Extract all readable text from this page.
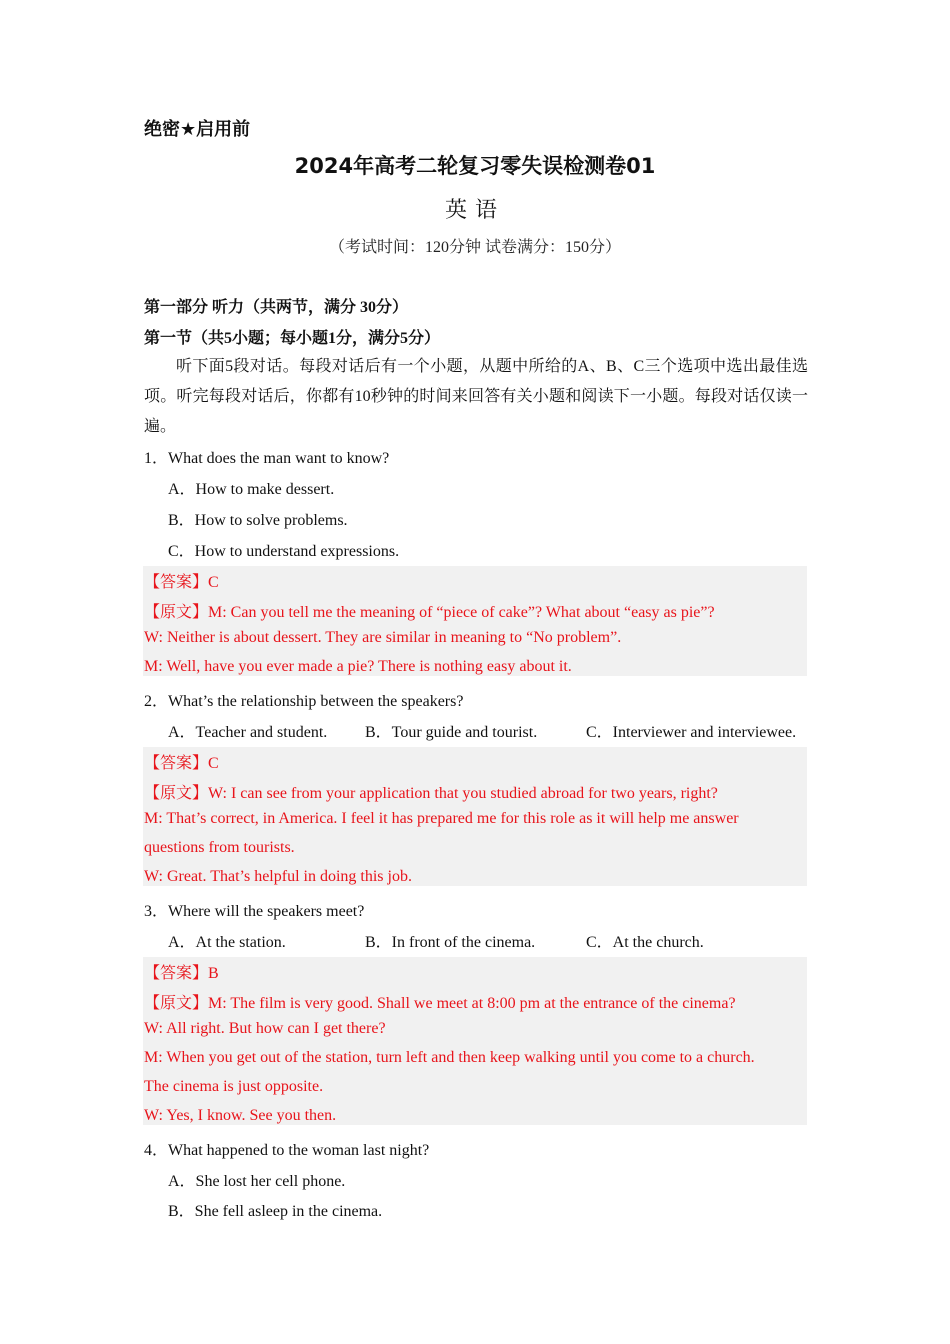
绝密★启用前
2024年高考二轮复习零失误检测卷01
英语
（考试时间：120分钟 试卷满分：150分）
第一部分 听力（共两节，满分 30分）
第一节（共5小题；每小题1分，满分5分）
听下面5段对话。每段对话后有一个小题，从题中所给的A、B、C三个选项中选出最佳选项。听完每段对话后，你都有10秒钟的时间来回答有关小题和阅读下一小题。每段对话仅读一遍。
1．What does the man want to know?
A．How to make dessert.
B．How to solve problems.
C．How to understand expressions.
【答案】C
【原文】M: Can you tell me the meaning of “piece of cake”? What about “easy as pie”?
W: Neither is about dessert. They are similar in meaning to “No problem”.
M: Well, have you ever made a pie? There is nothing easy about it.
2．What’s the relationship between the speakers?
A．Teacher and student. B．Tour guide and tourist.	C．Interviewer and interviewee.
【答案】C
【原文】W: I can see from your application that you studied abroad for two years, right?
M: That’s correct, in America. I feel it has prepared me for this role as it will help me answer
questions from tourists.
W: Great. That’s helpful in doing this job.
3．Where will the speakers meet?
A．At the station.	B．In front of the cinema.	C．At the church.
【答案】B
【原文】M: The film is very good. Shall we meet at 8:00 pm at the entrance of the cinema?
W: All right. But how can I get there?
M: When you get out of the station, turn left and then keep walking until you come to a church.
The cinema is just opposite.
W: Yes, I know. See you then.
4．What happened to the woman last night?
A．She lost her cell phone.
B．She fell asleep in the cinema.
